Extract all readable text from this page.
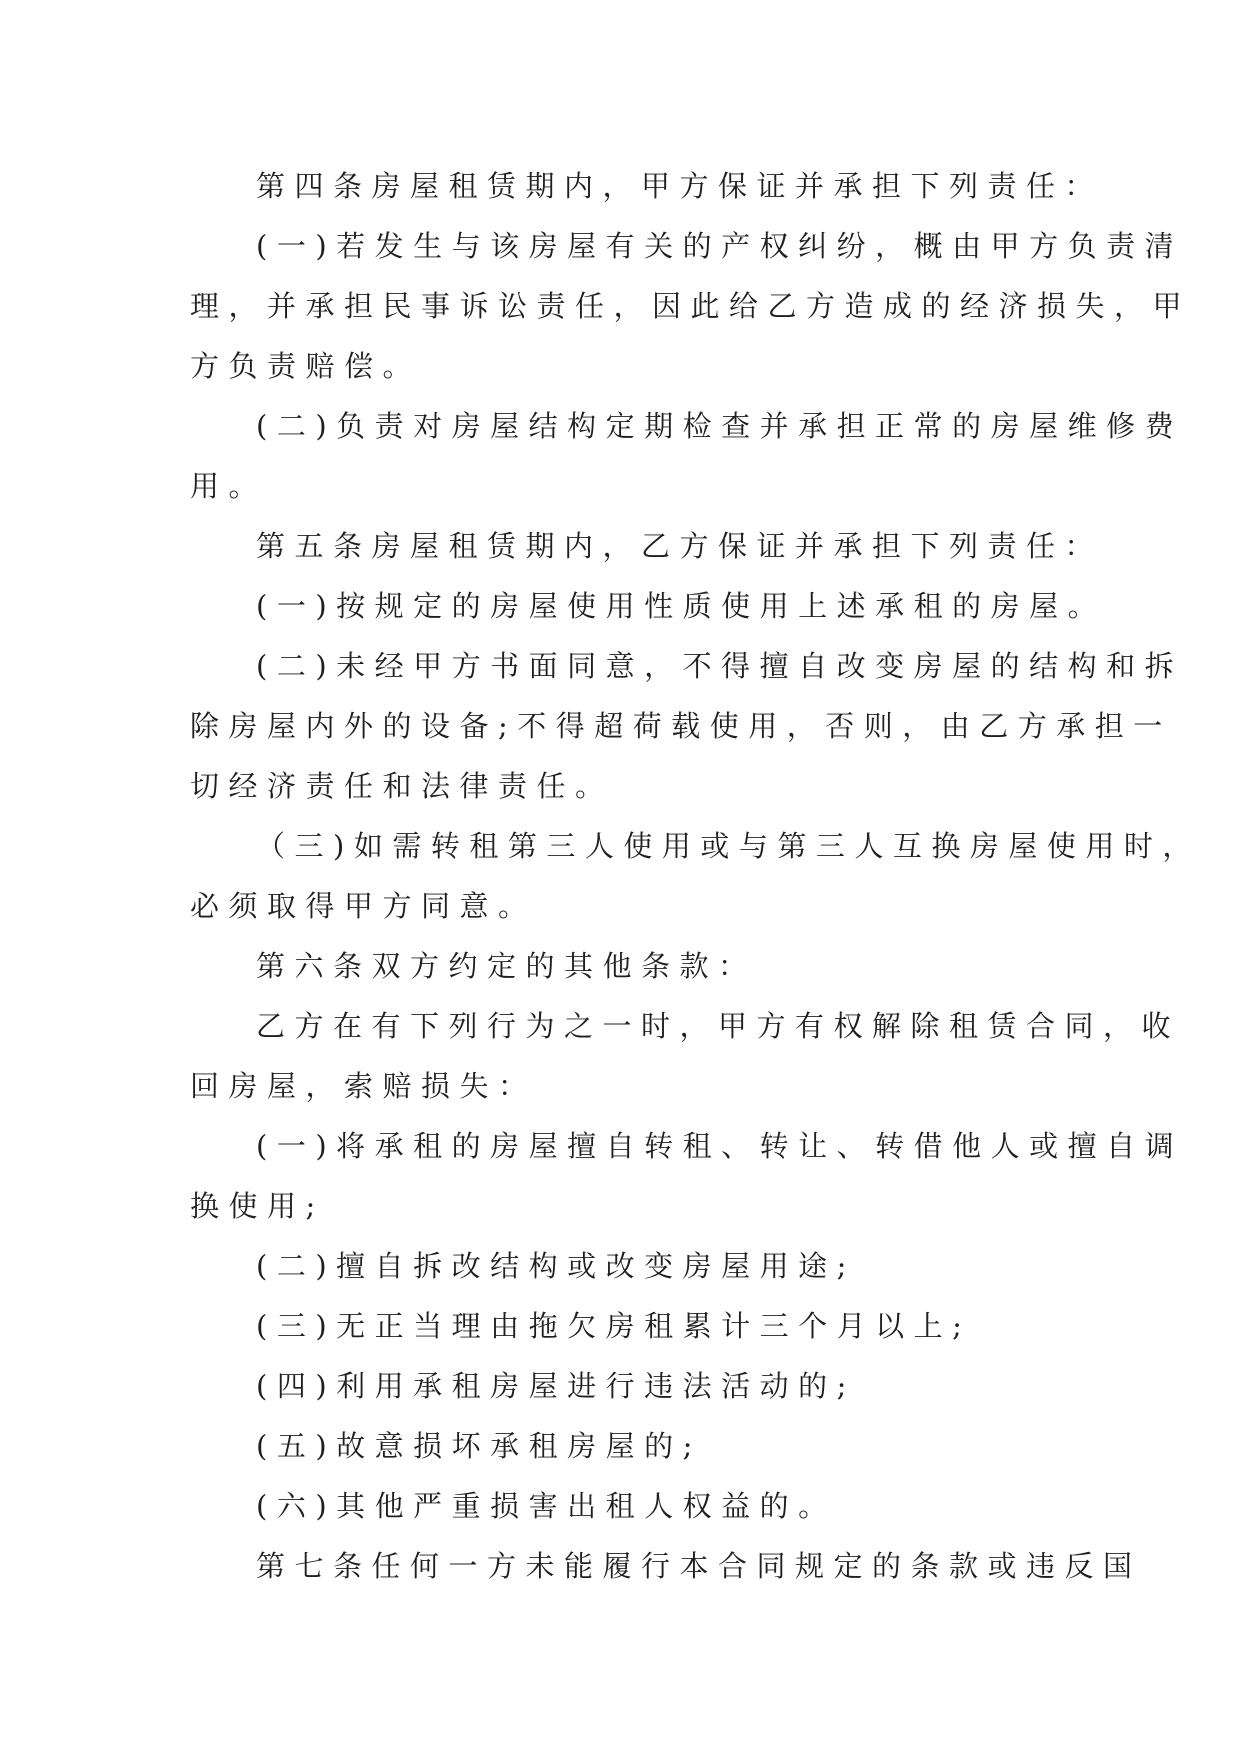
第四条房屋租赁期内，甲方保证并承担下列责任：
(一)若发生与该房屋有关的产权纠纷，概由甲方负责清
理，并承担民事诉讼责任，因此给乙方造成的经济损失，甲
方负责赔偿。
(二)负责对房屋结构定期检查并承担正常的房屋维修费
用。
第五条房屋租赁期内，乙方保证并承担下列责任：
(一)按规定的房屋使用性质使用上述承租的房屋。
(二)未经甲方书面同意，不得擅自改变房屋的结构和拆
除房屋内外的设备;不得超荷载使用，否则，由乙方承担一
切经济责任和法律责任。
（三)如需转租第三人使用或与第三人互换房屋使用时，
必须取得甲方同意。
第六条双方约定的其他条款：
乙方在有下列行为之一时，甲方有权解除租赁合同，收
回房屋，索赔损失：
(一)将承租的房屋擅自转租、转让、转借他人或擅自调
换使用;
(二)擅自拆改结构或改变房屋用途;
(三)无正当理由拖欠房租累计三个月以上;
(四)利用承租房屋进行违法活动的;
(五)故意损坏承租房屋的;
(六)其他严重损害出租人权益的。
第七条任何一方未能履行本合同规定的条款或违反国
